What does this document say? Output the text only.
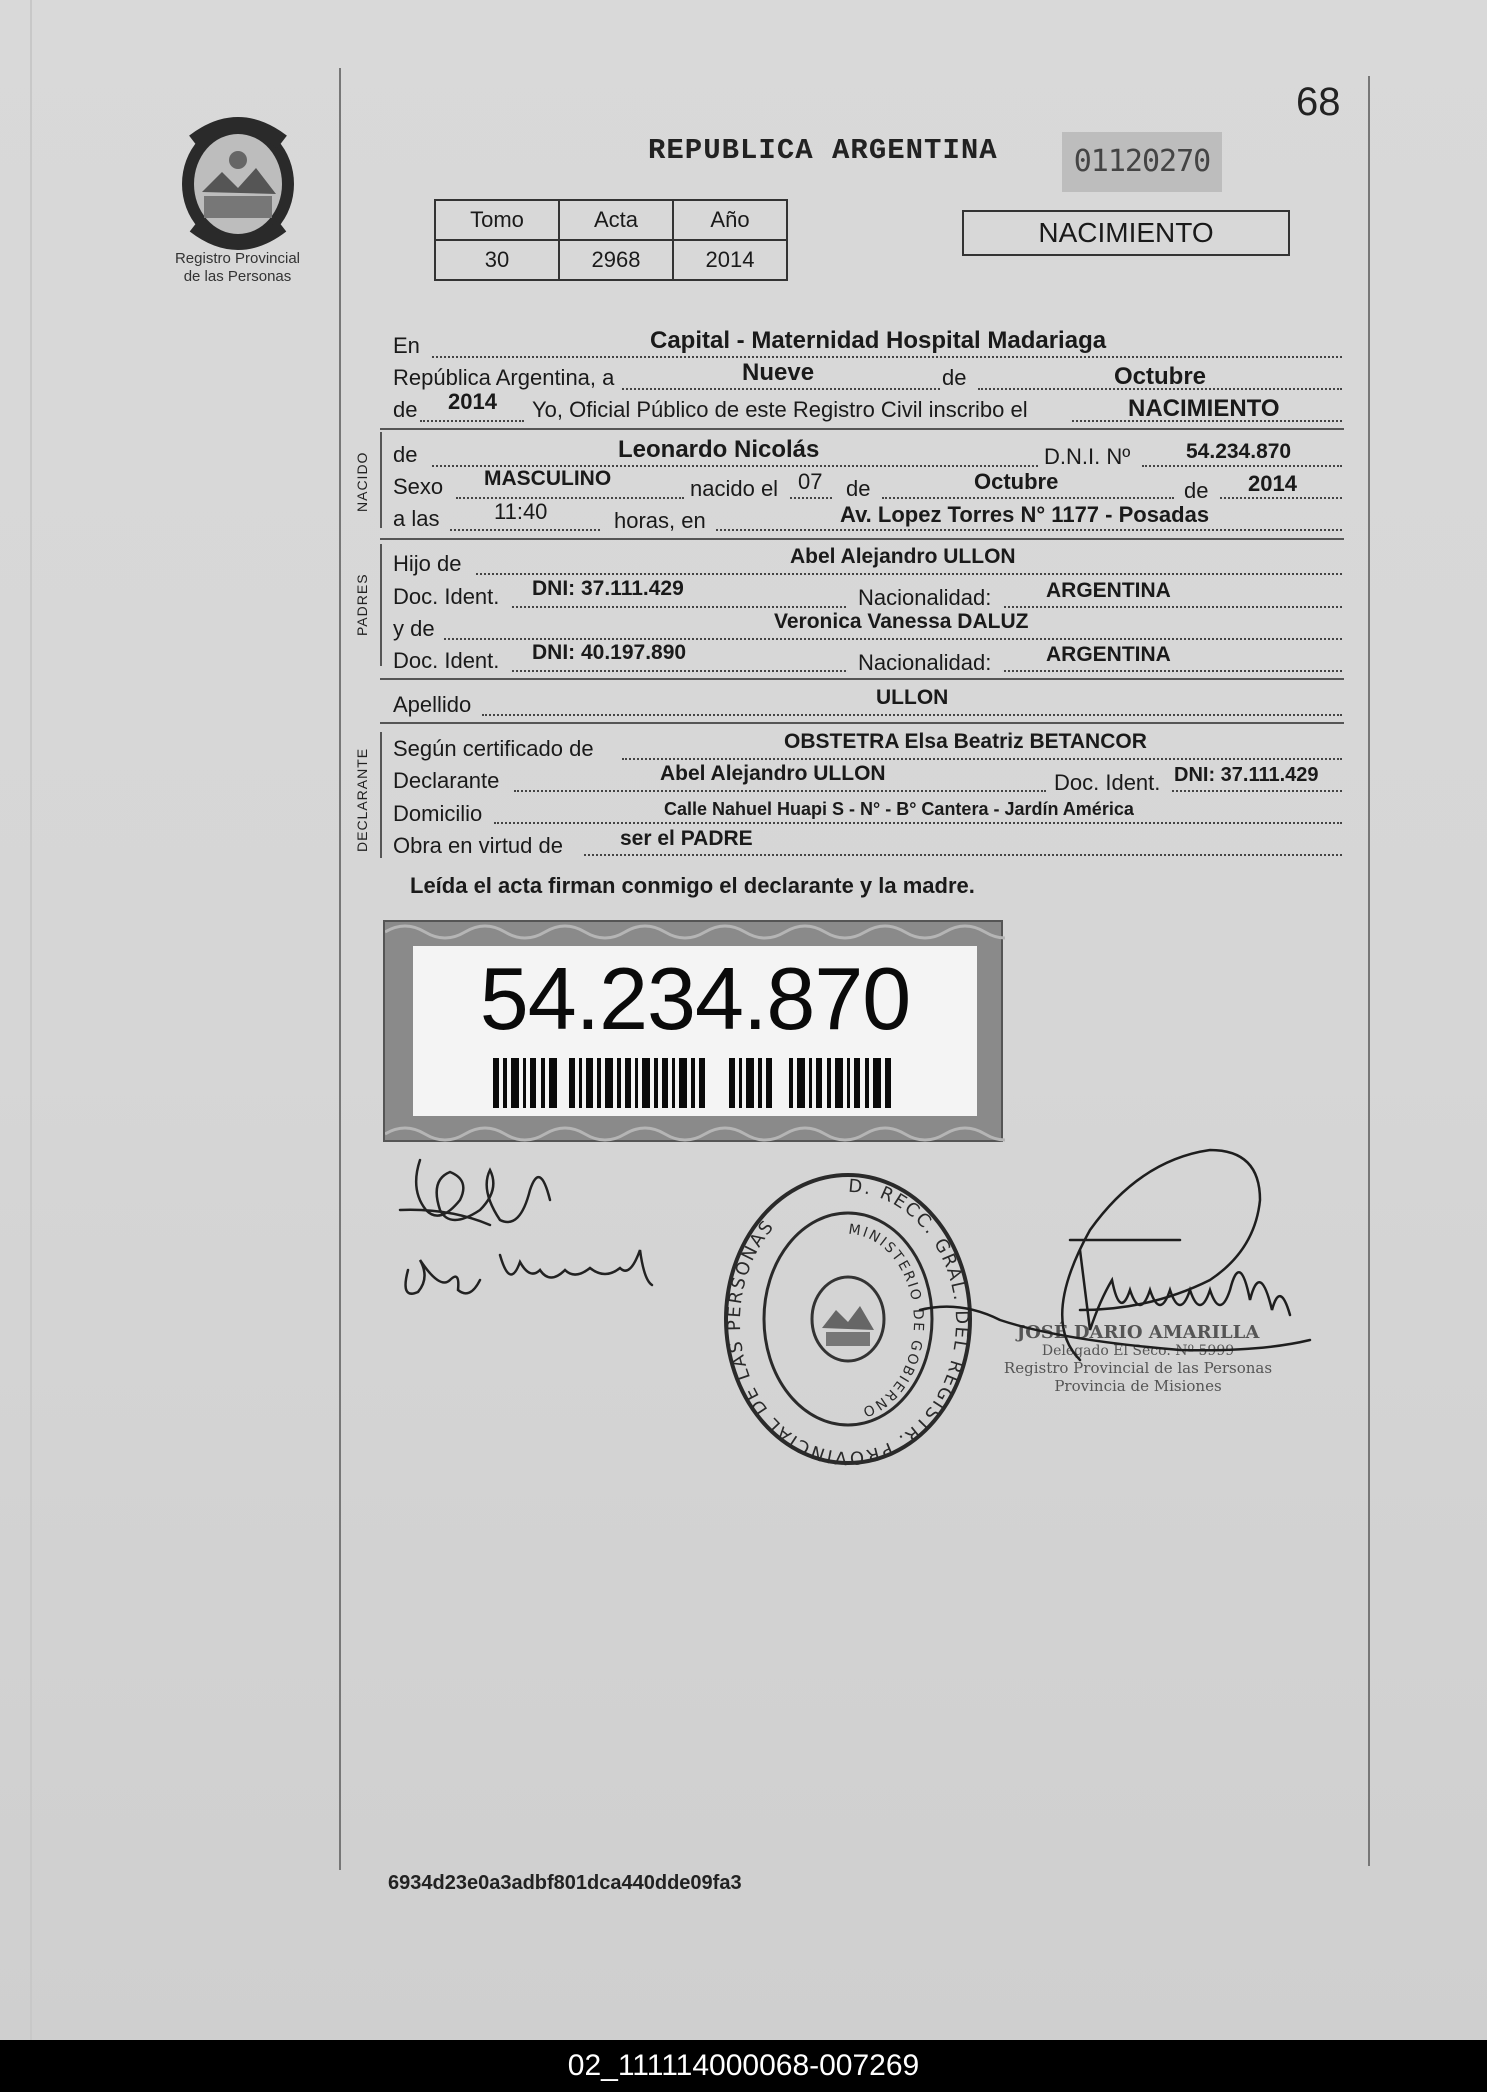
68
Registro Provincial
de las Personas
REPUBLICA ARGENTINA	01120270
Tomo	Acta	Año
30	2968	2014
NACIMIENTO
En	Capital - Maternidad Hospital Madariaga
República Argentina, a	Nueve	de	Octubre
de 2014 Yo, Oficial Público de este Registro Civil inscribo el	NACIMIENTO
NACIDO de	Leonardo Nicolás	D.N.I. Nº	54.234.870
Sexo MASCULINO	nacido el 07 de	Octubre	de 2014
a las 11:40	horas, en	Av. Lopez Torres N° 1177 - Posadas
PADRES
Hijo de	Abel Alejandro ULLON
Doc. Ident. DNI: 37.111.429	Nacionalidad:	ARGENTINA
y de	Veronica Vanessa DALUZ
Doc. Ident. DNI: 40.197.890	Nacionalidad:	ARGENTINA
Apellido	ULLON
DECLARANTE Según certificado de	OBSTETRA Elsa Beatriz BETANCOR
Declarante	Abel Alejandro ULLON	Doc. Ident. DNI: 37.111.429
Domicilio	Calle Nahuel Huapi S - N° - B° Cantera - Jardín América
Obra en virtud de	ser el PADRE
Leída el acta firman conmigo el declarante y la madre.
54.234.870
D. RECC. GRAL. DEL REGISTR. PROVINCIAL DE LAS PERSONAS	MINISTERIO DE GOBIERNO
JOSÉ DARIO AMARILLA
Delegado El Seco. Nº 5999
Registro Provincial de las Personas
Provincia de Misiones
6934d23e0a3adbf801dca440dde09fa3
02_111114000068-007269
